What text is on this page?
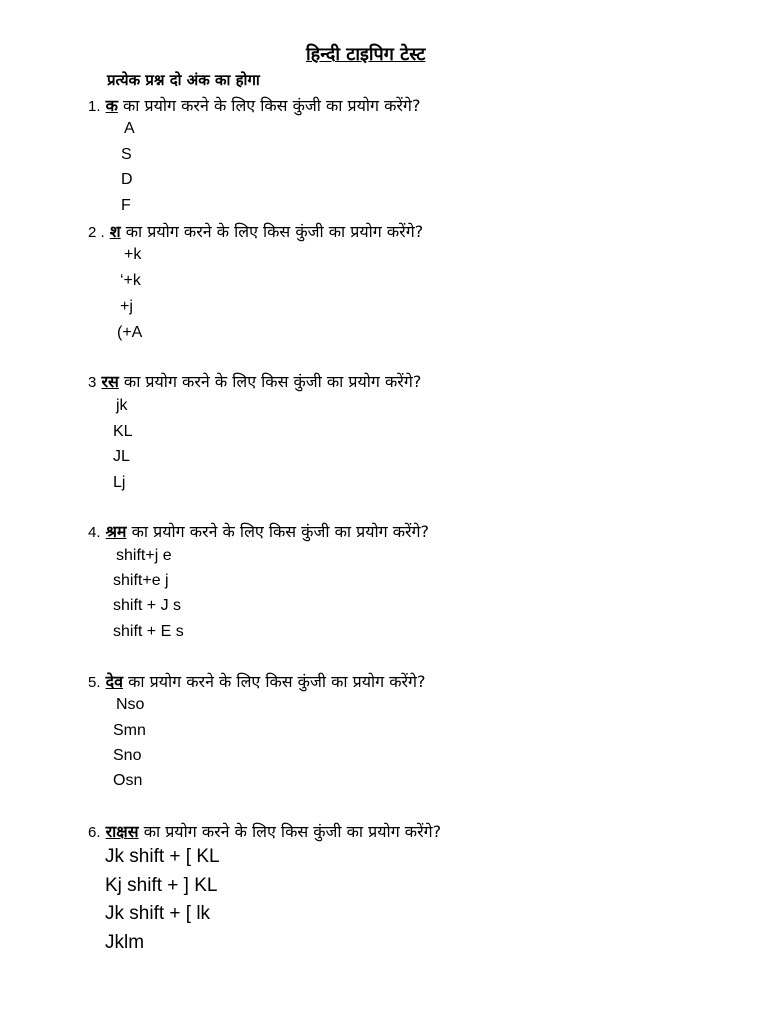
हिन्दी टाइपिग टेस्ट
प्रत्येक प्रश्न दो अंक का होगा
1. क का प्रयोग करने के लिए किस कुंजी का प्रयोग करेंगे?
A
S
D
F
2 . श का प्रयोग करने के लिए किस कुंजी का प्रयोग करेंगे?
+k
‘+k
+j
(+A
3 रस का प्रयोग करने के लिए किस कुंजी का प्रयोग करेंगे?
jk
KL
JL
Lj
4. श्रम का प्रयोग करने के लिए किस कुंजी का प्रयोग करेंगे?
shift+j e
shift+e j
shift + J s
shift + E s
5. देव का प्रयोग करने के लिए किस कुंजी का प्रयोग करेंगे?
Nso
Smn
Sno
Osn
6. राक्षस का प्रयोग करने के लिए किस कुंजी का प्रयोग करेंगे?
Jk shift + [ KL
Kj shift + ] KL
Jk shift + [ lk
Jklm
